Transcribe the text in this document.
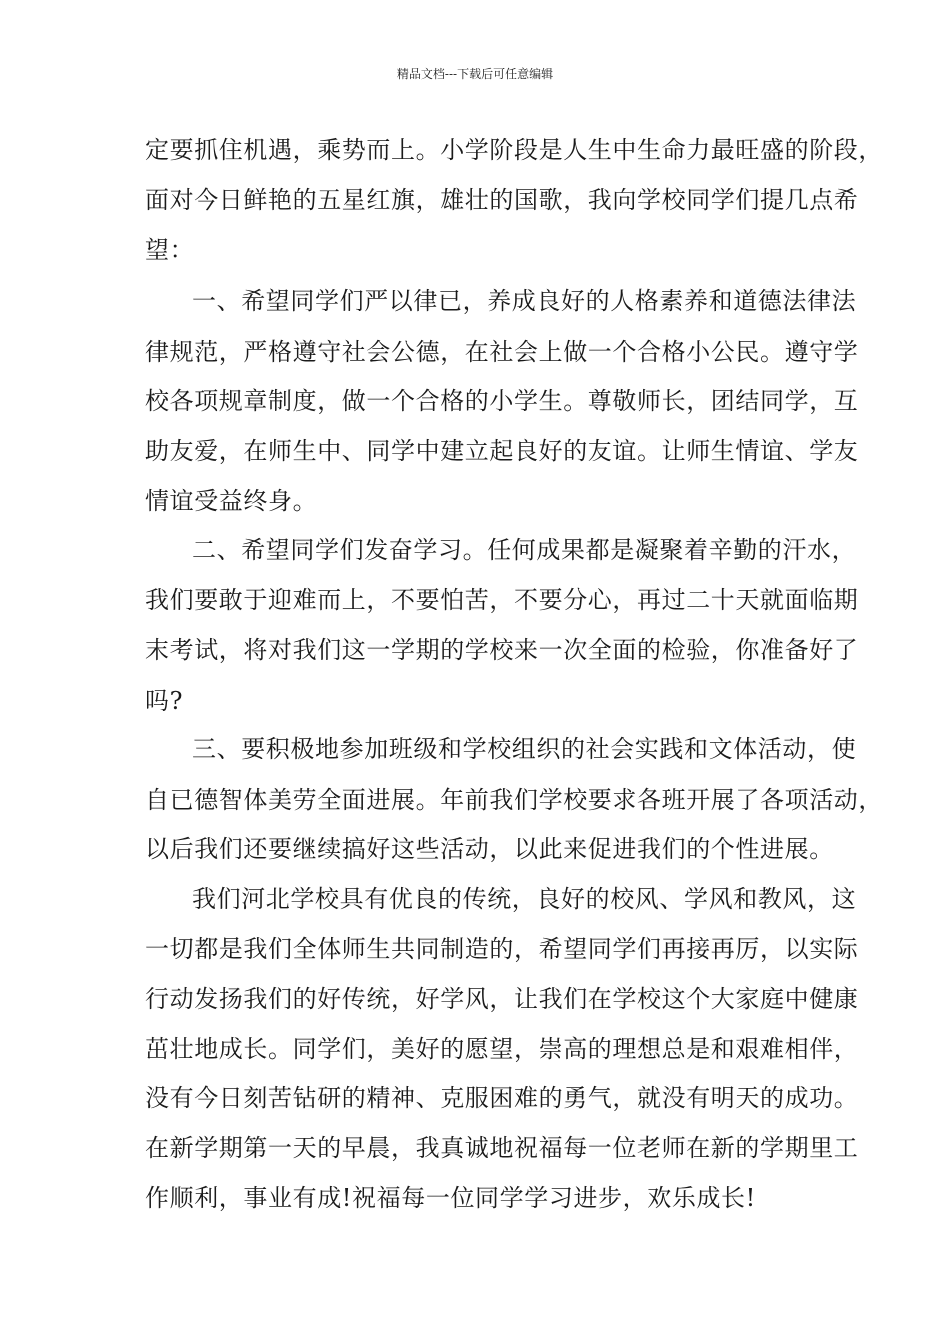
精品文档---下载后可任意编辑
定要抓住机遇，乘势而上。小学阶段是人生中生命力最旺盛的阶段，
面对今日鲜艳的五星红旗，雄壮的国歌，我向学校同学们提几点希
望：
一、希望同学们严以律已，养成良好的人格素养和道德法律法
律规范，严格遵守社会公德，在社会上做一个合格小公民。遵守学
校各项规章制度，做一个合格的小学生。尊敬师长，团结同学，互
助友爱，在师生中、同学中建立起良好的友谊。让师生情谊、学友
情谊受益终身。
二、希望同学们发奋学习。任何成果都是凝聚着辛勤的汗水，
我们要敢于迎难而上，不要怕苦，不要分心，再过二十天就面临期
末考试，将对我们这一学期的学校来一次全面的检验，你准备好了
吗?
三、要积极地参加班级和学校组织的社会实践和文体活动，使
自已德智体美劳全面进展。年前我们学校要求各班开展了各项活动，
以后我们还要继续搞好这些活动，以此来促进我们的个性进展。
我们河北学校具有优良的传统，良好的校风、学风和教风，这
一切都是我们全体师生共同制造的，希望同学们再接再厉，以实际
行动发扬我们的好传统，好学风，让我们在学校这个大家庭中健康
茁壮地成长。同学们，美好的愿望，崇高的理想总是和艰难相伴，
没有今日刻苦钻研的精神、克服困难的勇气，就没有明天的成功。
在新学期第一天的早晨，我真诚地祝福每一位老师在新的学期里工
作顺利，事业有成!祝福每一位同学学习进步，欢乐成长!
